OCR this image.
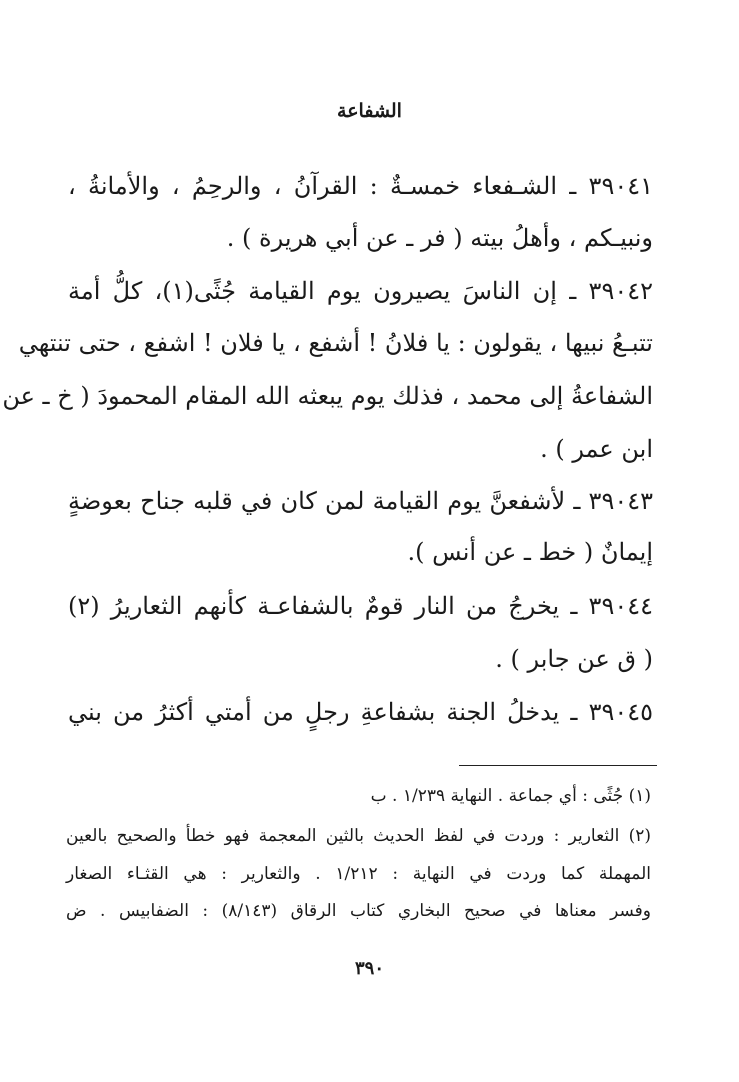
الشفاعة
٣٩٠٤١ ـ الشـفعاء خمسـةٌ : القرآنُ ، والرحِمُ ، والأمانةُ ،
ونبيـكم ، وأهلُ بيته ( فر ـ عن أبي هريرة ) .
٣٩٠٤٢ ـ إن الناسَ يصيرون يوم القيامة جُثًى(١)، كلُّ أمة
تتبـعُ نبيها ، يقولون : يا فلانُ ! أشفع ، يا فلان ! اشفع ، حتى تنتهي
الشفاعةُ إلى محمد ، فذلك يوم يبعثه الله المقام المحمودَ ( خ ـ عن
ابن عمر ) .
٣٩٠٤٣ ـ لأشفعنَّ يوم القيامة لمن كان في قلبه جناح بعوضةٍ
إيمانٌ ( خط ـ عن أنس ).
٣٩٠٤٤ ـ يخرجُ من النار قومٌ بالشفاعـة كأنهم الثعاريرُ (٢)
( ق عن جابر ) .
٣٩٠٤٥ ـ يدخلُ الجنة بشفاعةِ رجلٍ من أمتي أكثرُ من بني
(١) جُثًى : أي جماعة . النهاية ١/٢٣٩ . ب
(٢) الثعارير : وردت في لفظ الحديث بالثين المعجمة فهو خطأ والصحيح بالعين
المهملة كما وردت في النهاية : ١/٢١٢ . والثعارير : هي القثـاء الصغار
وفسر معناها في صحيح البخاري كتاب الرقاق (٨/١٤٣) : الضفابيس . ض
٣٩٠
